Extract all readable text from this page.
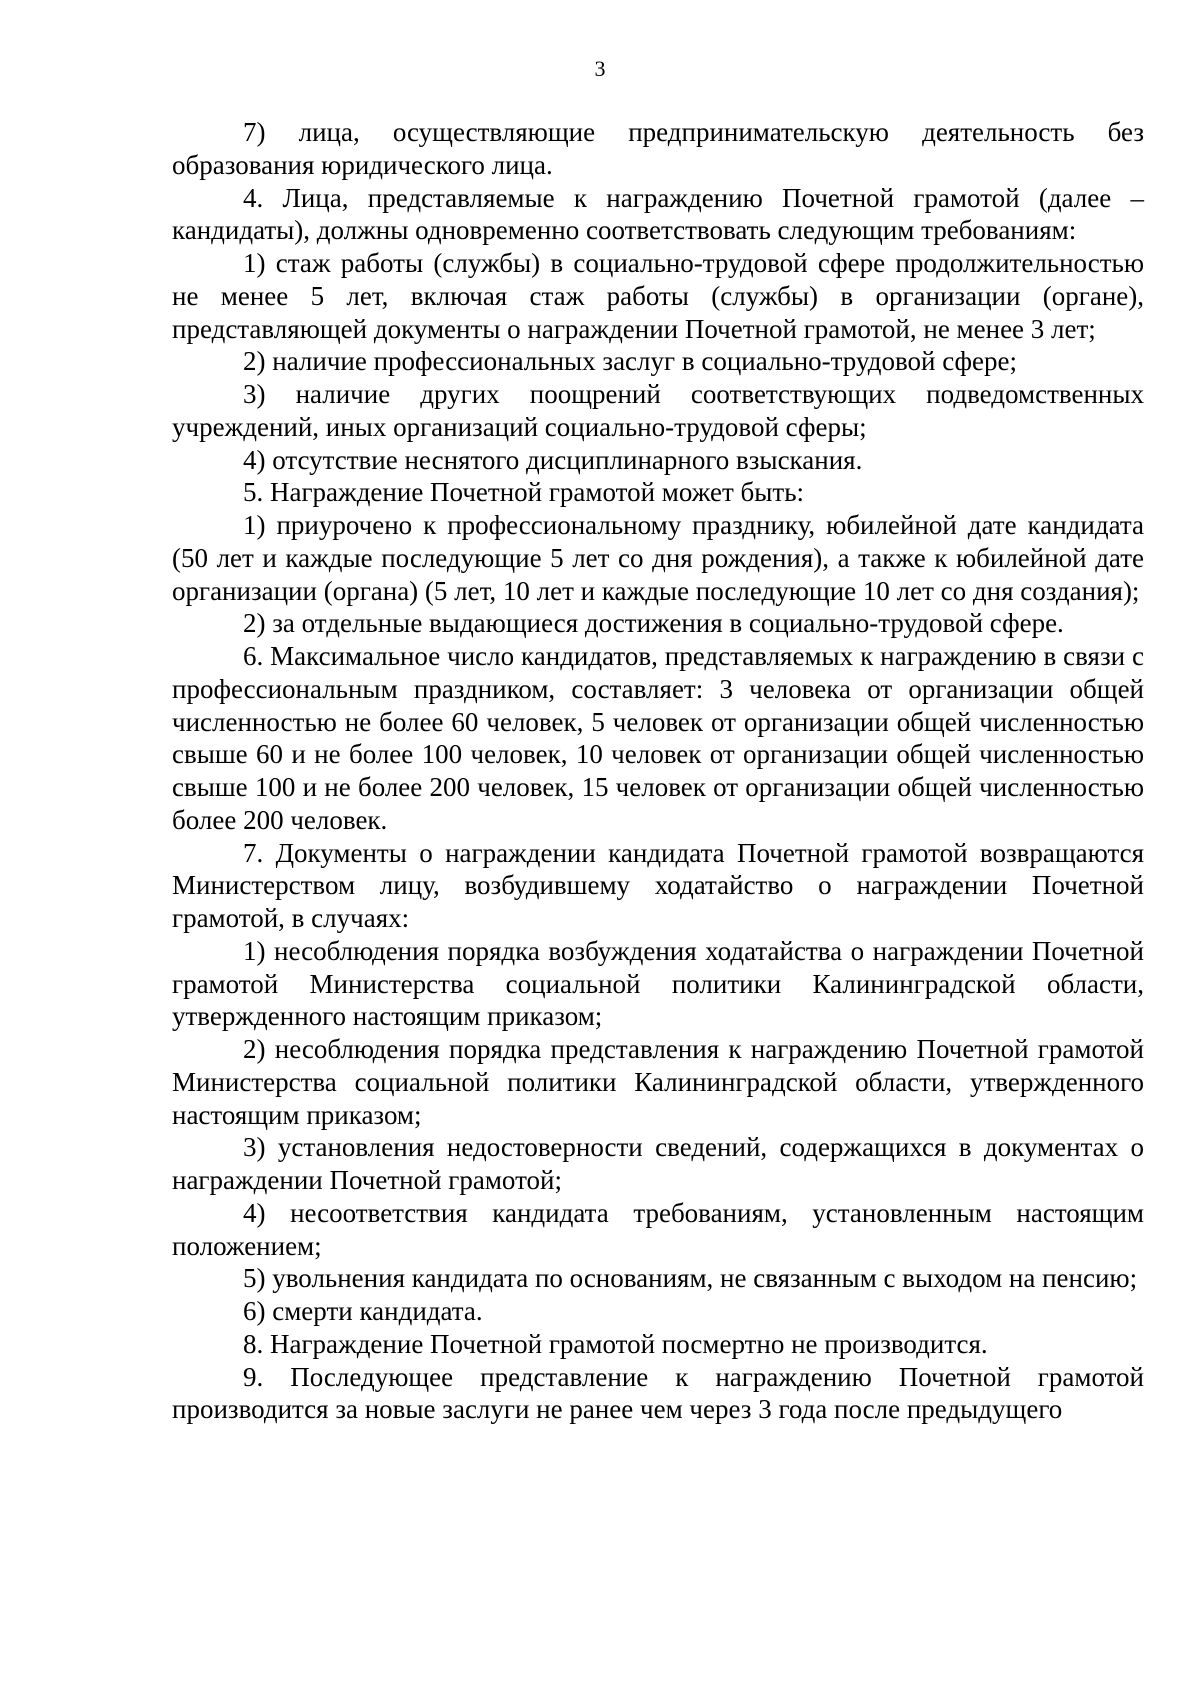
3

7) лица, осуществляющие предпринимательскую деятельность без образования юридического лица.

4. Лица, представляемые к награждению Почетной грамотой (далее – кандидаты), должны одновременно соответствовать следующим требованиям:

1) стаж работы (службы) в социально-трудовой сфере продолжительностью не менее 5 лет, включая стаж работы (службы) в организации (органе), представляющей документы о награждении Почетной грамотой, не менее 3 лет;

2) наличие профессиональных заслуг в социально-трудовой сфере;

3) наличие других поощрений соответствующих подведомственных учреждений, иных организаций социально-трудовой сферы;

4) отсутствие неснятого дисциплинарного взыскания.

5. Награждение Почетной грамотой может быть:

1) приурочено к профессиональному празднику, юбилейной дате кандидата (50 лет и каждые последующие 5 лет со дня рождения), а также к юбилейной дате организации (органа) (5 лет, 10 лет и каждые последующие 10 лет со дня создания);

2) за отдельные выдающиеся достижения в социально-трудовой сфере.

6. Максимальное число кандидатов, представляемых к награждению в связи с профессиональным праздником, составляет: 3 человека от организации общей численностью не более 60 человек, 5 человек от организации общей численностью свыше 60 и не более 100 человек, 10 человек от организации общей численностью свыше 100 и не более 200 человек, 15 человек от организации общей численностью более 200 человек.

7. Документы о награждении кандидата Почетной грамотой возвращаются Министерством лицу, возбудившему ходатайство о награждении Почетной грамотой, в случаях:

1) несоблюдения порядка возбуждения ходатайства о награждении Почетной грамотой Министерства социальной политики Калининградской области, утвержденного настоящим приказом;

2) несоблюдения порядка представления к награждению Почетной грамотой Министерства социальной политики Калининградской области, утвержденного настоящим приказом;

3) установления недостоверности сведений, содержащихся в документах о награждении Почетной грамотой;

4) несоответствия кандидата требованиям, установленным настоящим положением;

5) увольнения кандидата по основаниям, не связанным с выходом на пенсию;

6) смерти кандидата.

8. Награждение Почетной грамотой посмертно не производится.

9. Последующее представление к награждению Почетной грамотой производится за новые заслуги не ранее чем через 3 года после предыдущего
